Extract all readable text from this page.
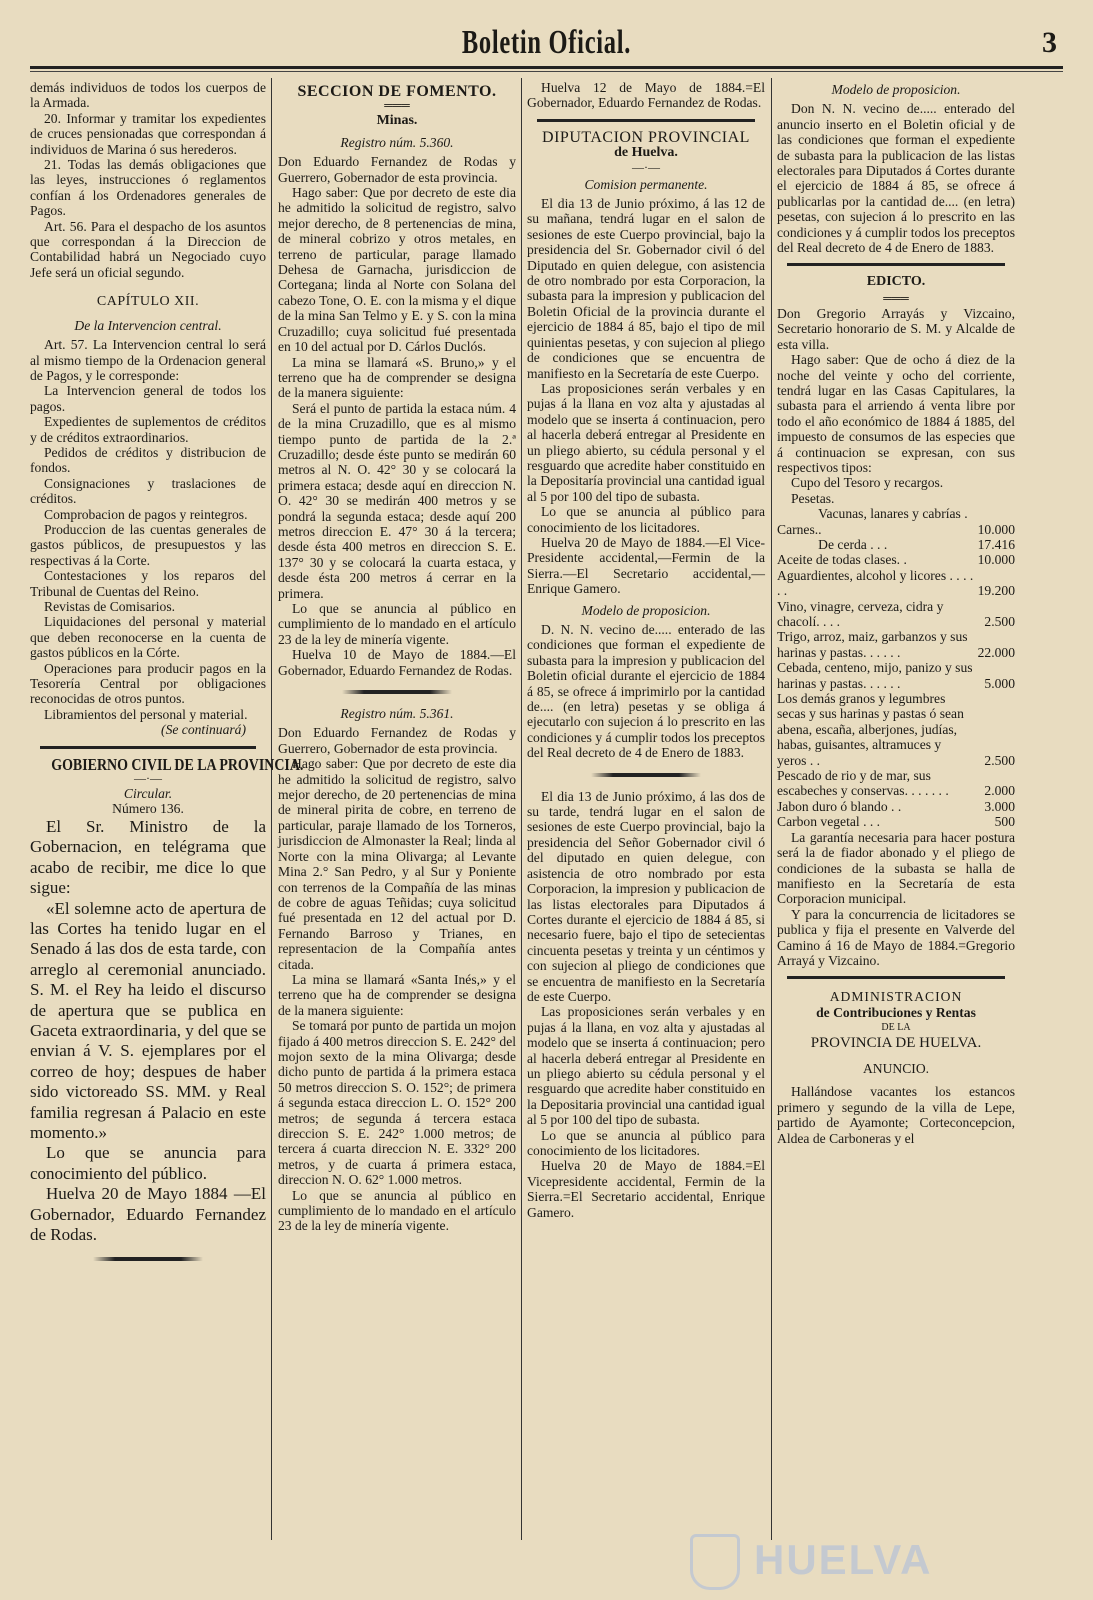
Boletin Oficial.	3

demás individuos de todos los cuerpos de la Armada.

20. Informar y tramitar los expedientes de cruces pensionadas que correspondan á individuos de Marina ó sus herederos.

21. Todas las demás obligaciones que las leyes, instrucciones ó reglamentos confían á los Ordenadores generales de Pagos.

Art. 56. Para el despacho de los asuntos que correspondan á la Direccion de Contabilidad habrá un Negociado cuyo Jefe será un oficial segundo.

CAPÍTULO XII.
De la Intervencion central.

Art. 57. La Intervencion central lo será al mismo tiempo de la Ordenacion general de Pagos, y le corresponde:

La Intervencion general de todos los pagos.

Expedientes de suplementos de créditos y de créditos extraordinarios.

Pedidos de créditos y distribucion de fondos.

Consignaciones y traslaciones de créditos.

Comprobacion de pagos y reintegros.

Produccion de las cuentas generales de gastos públicos, de presupuestos y las respectivas á la Corte.

Contestaciones y los reparos del Tribunal de Cuentas del Reino.

Revistas de Comisarios.

Liquidaciones del personal y material que deben reconocerse en la cuenta de gastos públicos en la Córte.

Operaciones para producir pagos en la Tesorería Central por obligaciones reconocidas de otros puntos.

Libramientos del personal y material.

(Se continuará)
GOBIERNO CIVIL DE LA PROVINCIA.
—·—
Circular.
Número 136.

El Sr. Ministro de la Gobernacion, en telégrama que acabo de recibir, me dice lo que sigue:

«El solemne acto de apertura de las Cortes ha tenido lugar en el Senado á las dos de esta tarde, con arreglo al ceremonial anunciado. S. M. el Rey ha leido el discurso de apertura que se publica en Gaceta extraordinaria, y del que se envian á V. S. ejemplares por el correo de hoy; despues de haber sido victoreado SS. MM. y Real familia regresan á Palacio en este momento.»

Lo que se anuncia para conocimiento del público.

Huelva 20 de Mayo 1884 —El Gobernador, Eduardo Fernandez de Rodas.

SECCION DE FOMENTO.
═══
Minas.
Registro núm. 5.360.

Don Eduardo Fernandez de Rodas y Guerrero, Gobernador de esta provincia.

Hago saber: Que por decreto de este dia he admitido la solicitud de registro, salvo mejor derecho, de 8 pertenencias de mina, de mineral cobrizo y otros metales, en terreno de particular, parage llamado Dehesa de Garnacha, jurisdiccion de Cortegana; linda al Norte con Solana del cabezo Tone, O. E. con la misma y el dique de la mina San Telmo y E. y S. con la mina Cruzadillo; cuya solicitud fué presentada en 10 del actual por D. Cárlos Duclós.

La mina se llamará «S. Bruno,» y el terreno que ha de comprender se designa de la manera siguiente:

Será el punto de partida la estaca núm. 4 de la mina Cruzadillo, que es al mismo tiempo punto de partida de la 2.ª Cruzadillo; desde éste punto se medirán 60 metros al N. O. 42° 30 y se colocará la primera estaca; desde aquí en direccion N. O. 42° 30 se medirán 400 metros y se pondrá la segunda estaca; desde aquí 200 metros direccion E. 47° 30 á la tercera; desde ésta 400 metros en direccion S. E. 137° 30 y se colocará la cuarta estaca, y desde ésta 200 metros á cerrar en la primera.

Lo que se anuncia al público en cumplimiento de lo mandado en el artículo 23 de la ley de minería vigente.

Huelva 10 de Mayo de 1884.—El Gobernador, Eduardo Fernandez de Rodas.

Registro núm. 5.361.

Don Eduardo Fernandez de Rodas y Guerrero, Gobernador de esta provincia.

Hago saber: Que por decreto de este dia he admitido la solicitud de registro, salvo mejor derecho, de 20 pertenencias de mina de mineral pirita de cobre, en terreno de particular, paraje llamado de los Torneros, jurisdiccion de Almonaster la Real; linda al Norte con la mina Olivarga; al Levante Mina 2.° San Pedro, y al Sur y Poniente con terrenos de la Compañía de las minas de cobre de aguas Teñidas; cuya solicitud fué presentada en 12 del actual por D. Fernando Barroso y Trianes, en representacion de la Compañía antes citada.

La mina se llamará «Santa Inés,» y el terreno que ha de comprender se designa de la manera siguiente:

Se tomará por punto de partida un mojon fijado á 400 metros direccion S. E. 242° del mojon sexto de la mina Olivarga; desde dicho punto de partida á la primera estaca 50 metros direccion S. O. 152°; de primera á segunda estaca direccion L. O. 152° 200 metros; de segunda á tercera estaca direccion S. E. 242° 1.000 metros; de tercera á cuarta direccion N. E. 332° 200 metros, y de cuarta á primera estaca, direccion N. O. 62° 1.000 metros.

Lo que se anuncia al público en cumplimiento de lo mandado en el artículo 23 de la ley de minería vigente.

Huelva 12 de Mayo de 1884.=El Gobernador, Eduardo Fernandez de Rodas.

DIPUTACION PROVINCIAL
de Huelva.
—·—
Comision permanente.

El dia 13 de Junio próximo, á las 12 de su mañana, tendrá lugar en el salon de sesiones de este Cuerpo provincial, bajo la presidencia del Sr. Gobernador civil ó del Diputado en quien delegue, con asistencia de otro nombrado por esta Corporacion, la subasta para la impresion y publicacion del Boletin Oficial de la provincia durante el ejercicio de 1884 á 85, bajo el tipo de mil quinientas pesetas, y con sujecion al pliego de condiciones que se encuentra de manifiesto en la Secretaría de este Cuerpo.

Las proposiciones serán verbales y en pujas á la llana en voz alta y ajustadas al modelo que se inserta á continuacion, pero al hacerla deberá entregar al Presidente en un pliego abierto, su cédula personal y el resguardo que acredite haber constituido en la Depositaría provincial una cantidad igual al 5 por 100 del tipo de subasta.

Lo que se anuncia al público para conocimiento de los licitadores.

Huelva 20 de Mayo de 1884.—El Vice-Presidente accidental,—Fermin de la Sierra.—El Secretario accidental,—Enrique Gamero.

Modelo de proposicion.

D. N. N. vecino de..... enterado de las condiciones que forman el expediente de subasta para la impresion y publicacion del Boletin oficial durante el ejercicio de 1884 á 85, se ofrece á imprimirlo por la cantidad de.... (en letra) pesetas y se obliga á ejecutarlo con sujecion á lo prescrito en las condiciones y á cumplir todos los preceptos del Real decreto de 4 de Enero de 1883.

El dia 13 de Junio próximo, á las dos de su tarde, tendrá lugar en el salon de sesiones de este Cuerpo provincial, bajo la presidencia del Señor Gobernador civil ó del diputado en quien delegue, con asistencia de otro nombrado por esta Corporacion, la impresion y publicacion de las listas electorales para Diputados á Cortes durante el ejercicio de 1884 á 85, si necesario fuere, bajo el tipo de setecientas cincuenta pesetas y treinta y un céntimos y con sujecion al pliego de condiciones que se encuentra de manifiesto en la Secretaría de este Cuerpo.

Las proposiciones serán verbales y en pujas á la llana, en voz alta y ajustadas al modelo que se inserta á continuacion; pero al hacerla deberá entregar al Presidente en un pliego abierto su cédula personal y el resguardo que acredite haber constituido en la Depositaria provincial una cantidad igual al 5 por 100 del tipo de subasta.

Lo que se anuncia al público para conocimiento de los licitadores.

Huelva 20 de Mayo de 1884.=El Vicepresidente accidental, Fermin de la Sierra.=El Secretario accidental, Enrique Gamero.

Modelo de proposicion.

Don N. N. vecino de..... enterado del anuncio inserto en el Boletin oficial y de las condiciones que forman el expediente de subasta para la publicacion de las listas electorales para Diputados á Cortes durante el ejercicio de 1884 á 85, se ofrece á publicarlas por la cantidad de.... (en letra) pesetas, con sujecion á lo prescrito en las condiciones y á cumplir todos los preceptos del Real decreto de 4 de Enero de 1883.

EDICTO.
═══

Don Gregorio Arrayás y Vizcaino, Secretario honorario de S. M. y Alcalde de esta villa.

Hago saber: Que de ocho á diez de la noche del veinte y ocho del corriente, tendrá lugar en las Casas Capitulares, la subasta para el arriendo á venta libre por todo el año económico de 1884 á 1885, del impuesto de consumos de las especies que á continuacion se expresan, con sus respectivos tipos:

Cupo del Tesoro y recargos.

Pesetas.

Carnes.	Vacunas, lanares y cabrías . .	10.000
	De cerda . . .	17.416
Aceite de todas clases. .		10.000
Aguardientes, alcohol y licores . . . . . .		19.200
Vino, vinagre, cerveza, cidra y chacolí. . . .		2.500
Trigo, arroz, maiz, garbanzos y sus harinas y pastas. . . . . .		22.000
Cebada, centeno, mijo, panizo y sus harinas y pastas. . . . . .		5.000
Los demás granos y legumbres secas y sus harinas y pastas ó sean abena, escaña, alberjones, judías, habas, guisantes, altramuces y yeros . .		2.500
Pescado de rio y de mar, sus escabeches y conservas. . . . . . .		2.000
Jabon duro ó blando . .		3.000
Carbon vegetal . . .		500

La garantía necesaria para hacer postura será la de fiador abonado y el pliego de condiciones de la subasta se halla de manifiesto en la Secretaría de esta Corporacion municipal.

Y para la concurrencia de licitadores se publica y fija el presente en Valverde del Camino á 16 de Mayo de 1884.=Gregorio Arrayá y Vizcaino.

ADMINISTRACION
de Contribuciones y Rentas
DE LA
PROVINCIA DE HUELVA.
ANUNCIO.

Hallándose vacantes los estancos primero y segundo de la villa de Lepe, partido de Ayamonte; Corteconcepcion, Aldea de Carboneras y el

HUELVA
